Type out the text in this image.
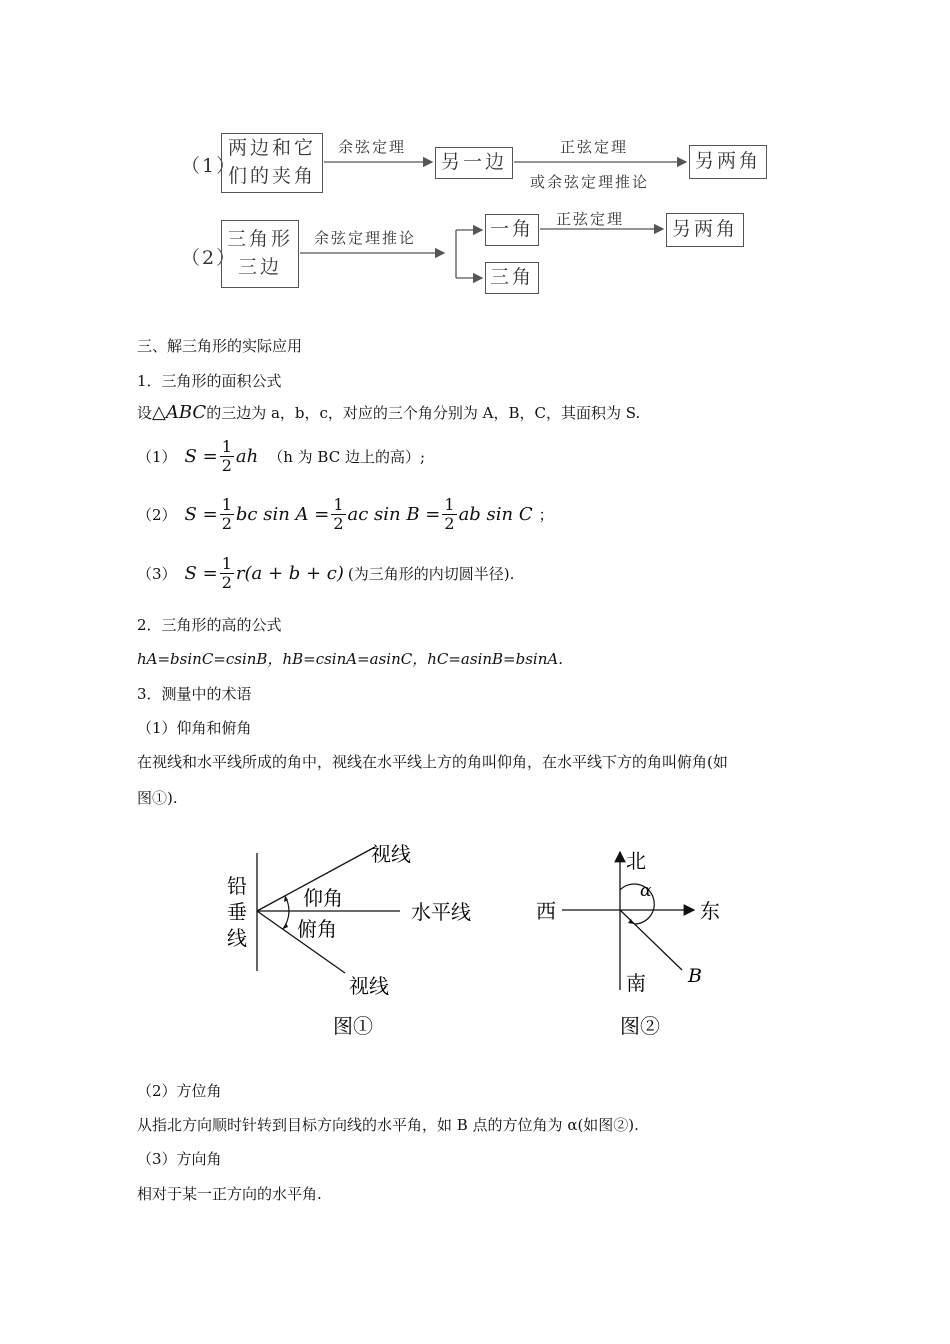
（1）
两边和它们的夹角
余弦定理
另一边
正弦定理
或余弦定理推论
另两角
（2）
三角形三边
余弦定理推论	一角	正弦定理	另两角
三角
三、解三角形的实际应用
1．三角形的面积公式
设△ABC的三边为 a，b，c，对应的三个角分别为 A，B，C，其面积为 S.
（1） $S = \frac{1}{2}$ ah （h 为 BC 边上的高）;
（2） $S = \frac{1}{2}$ bc $\sin A = \frac{1}{2}$ ac $\sin B = \frac{1}{2}$ ab sin C ；
（3） $S = \frac{1}{2} r(a + b + c)$ (为三角形的内切圆半径).
2．三角形的高的公式
hA=bsinC=csinB，hB=csinA=asinC，hC=asinB=bsinA.
3．测量中的术语
（1）仰角和俯角
在视线和水平线所成的角中，视线在水平线上方的角叫仰角，在水平线下方的角叫俯角(如
图①).
铅
垂
线
视线
仰角
水平线
俯角
视线
图①
北
西	东
南
α
B
图②
（2）方位角
从指北方向顺时针转到目标方向线的水平角，如 B 点的方位角为 α(如图②).
（3）方向角
相对于某一正方向的水平角.
